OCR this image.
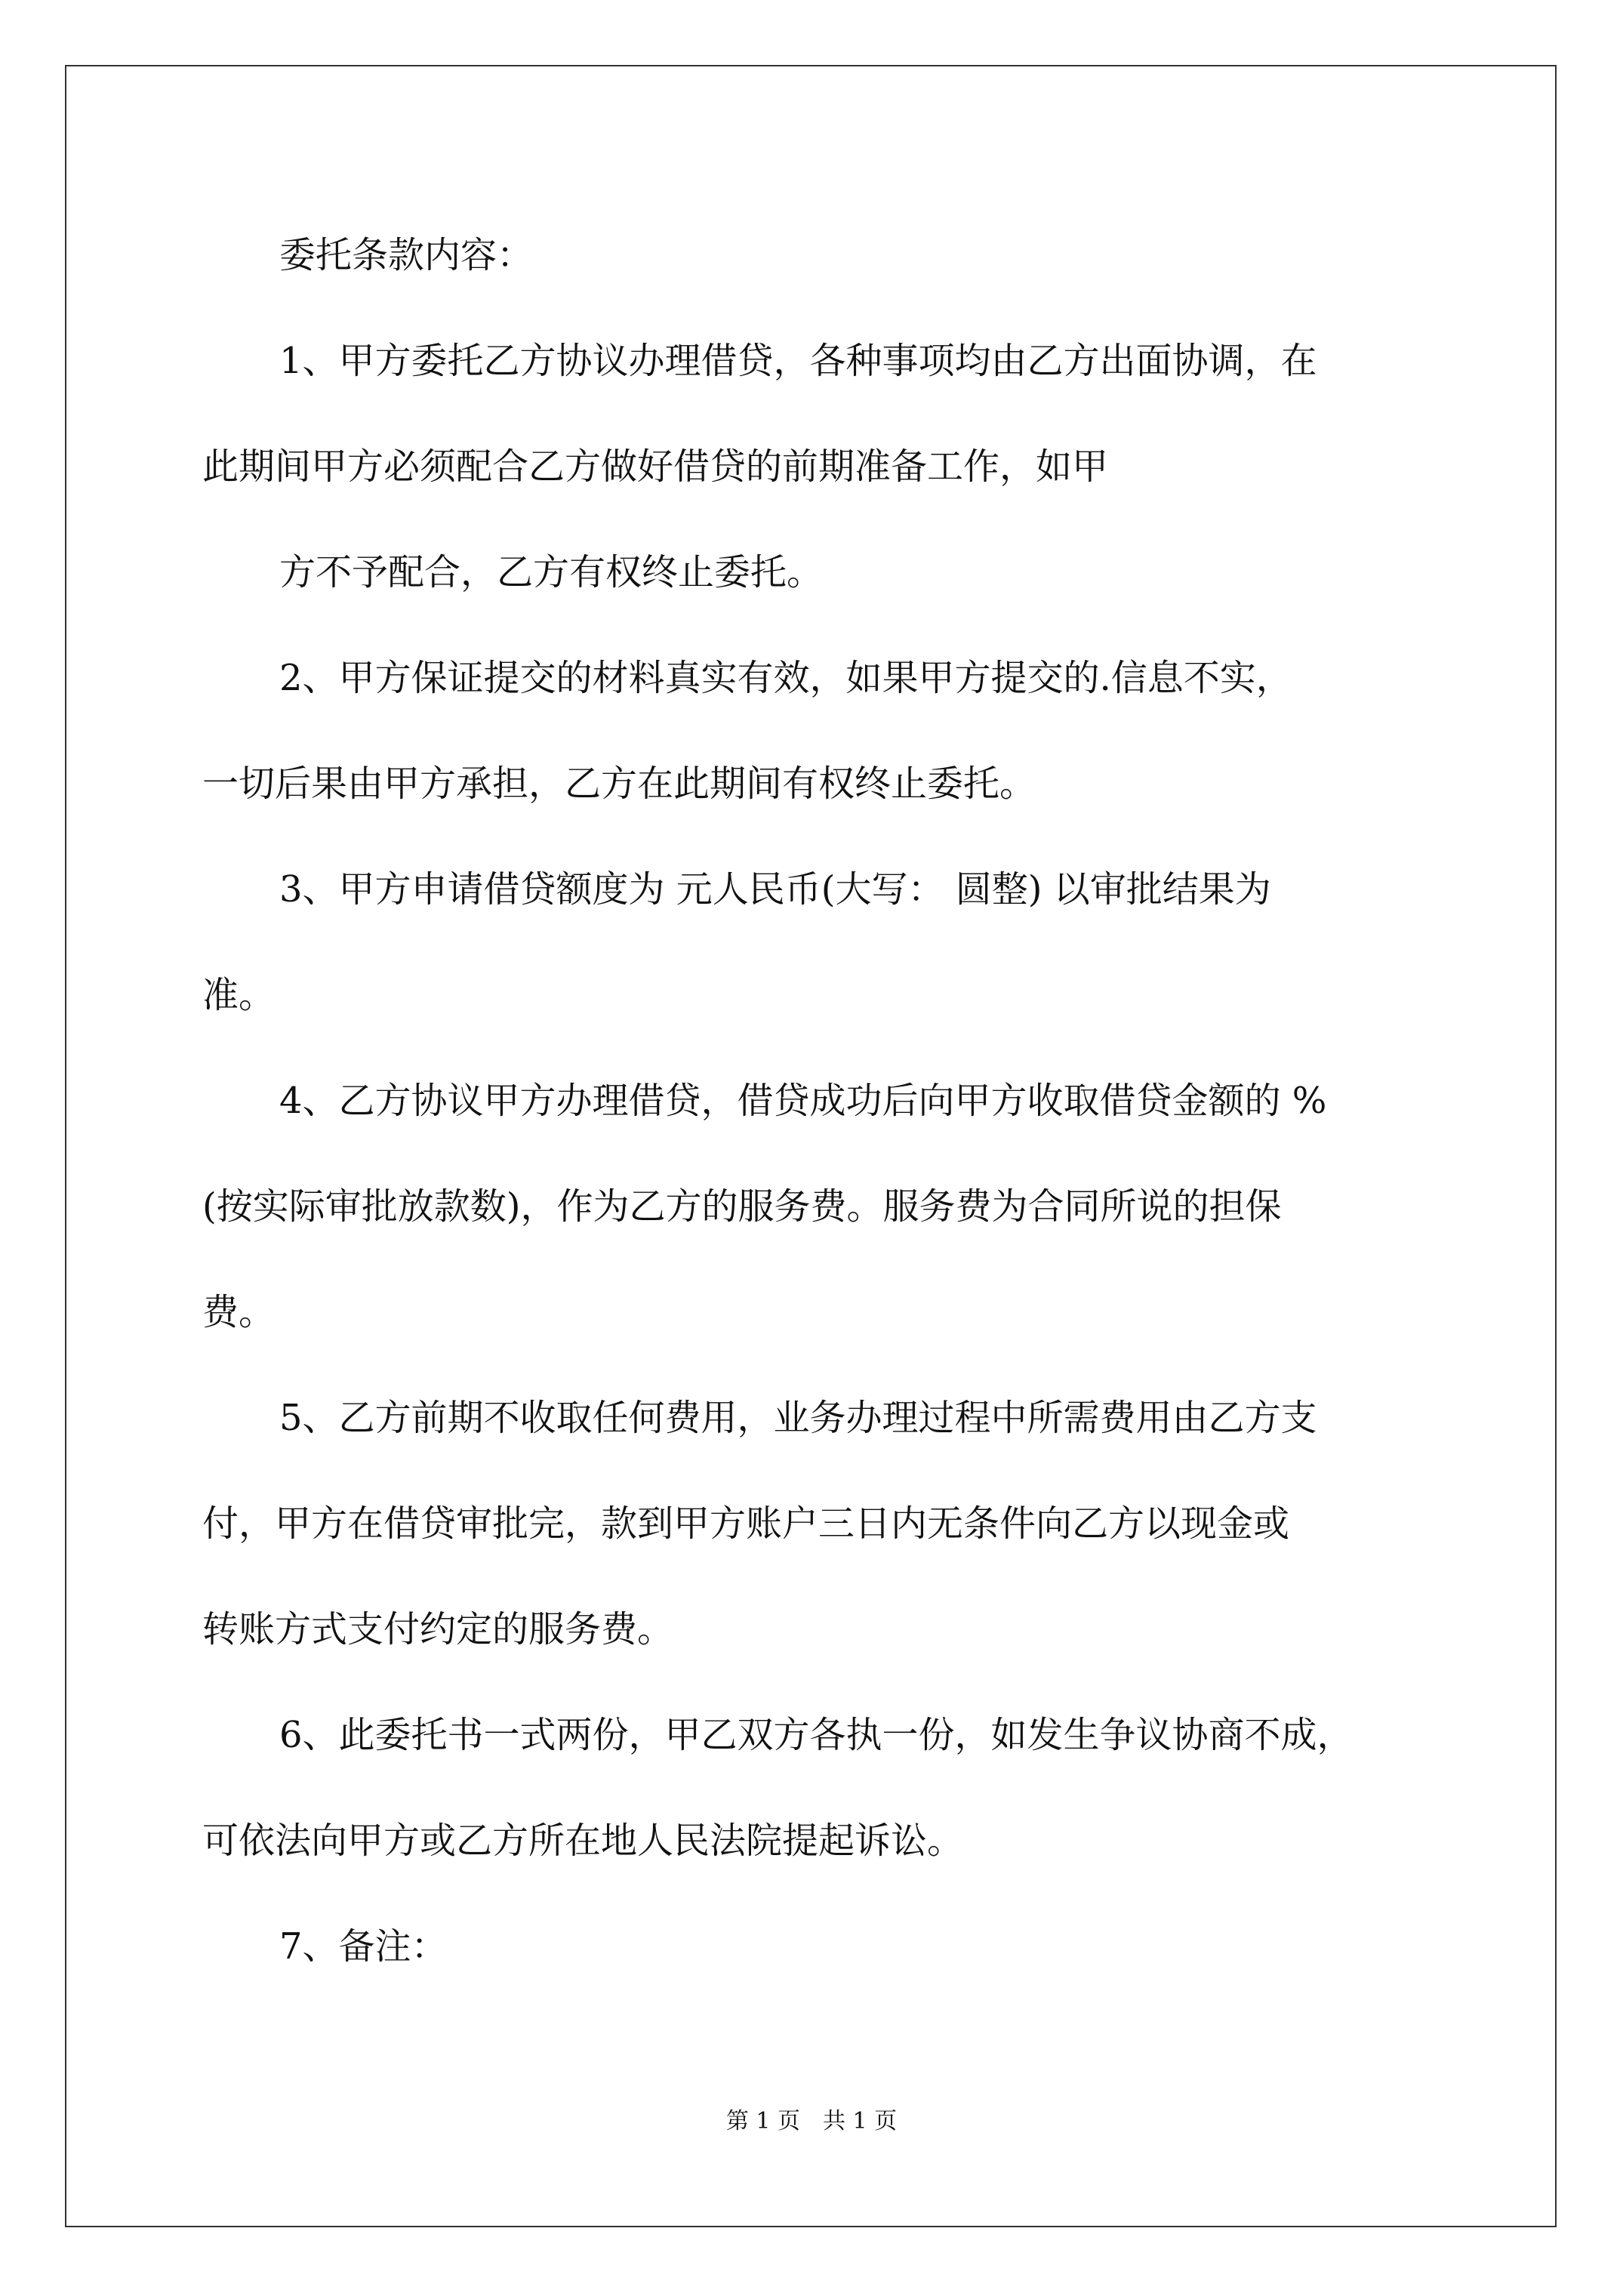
委托条款内容：

1、甲方委托乙方协议办理借贷，各种事项均由乙方出面协调，在

此期间甲方必须配合乙方做好借贷的前期准备工作，如甲

方不予配合，乙方有权终止委托。

2、甲方保证提交的材料真实有效，如果甲方提交的.信息不实，

一切后果由甲方承担，乙方在此期间有权终止委托。

3、甲方申请借贷额度为 元人民币(大写： 圆整) 以审批结果为

准。

4、乙方协议甲方办理借贷，借贷成功后向甲方收取借贷金额的 %

(按实际审批放款数)，作为乙方的服务费。服务费为合同所说的担保

费。

5、乙方前期不收取任何费用，业务办理过程中所需费用由乙方支

付，甲方在借贷审批完，款到甲方账户三日内无条件向乙方以现金或

转账方式支付约定的服务费。

6、此委托书一式两份，甲乙双方各执一份，如发生争议协商不成，

可依法向甲方或乙方所在地人民法院提起诉讼。

7、备注：

第 1 页　共 1 页
